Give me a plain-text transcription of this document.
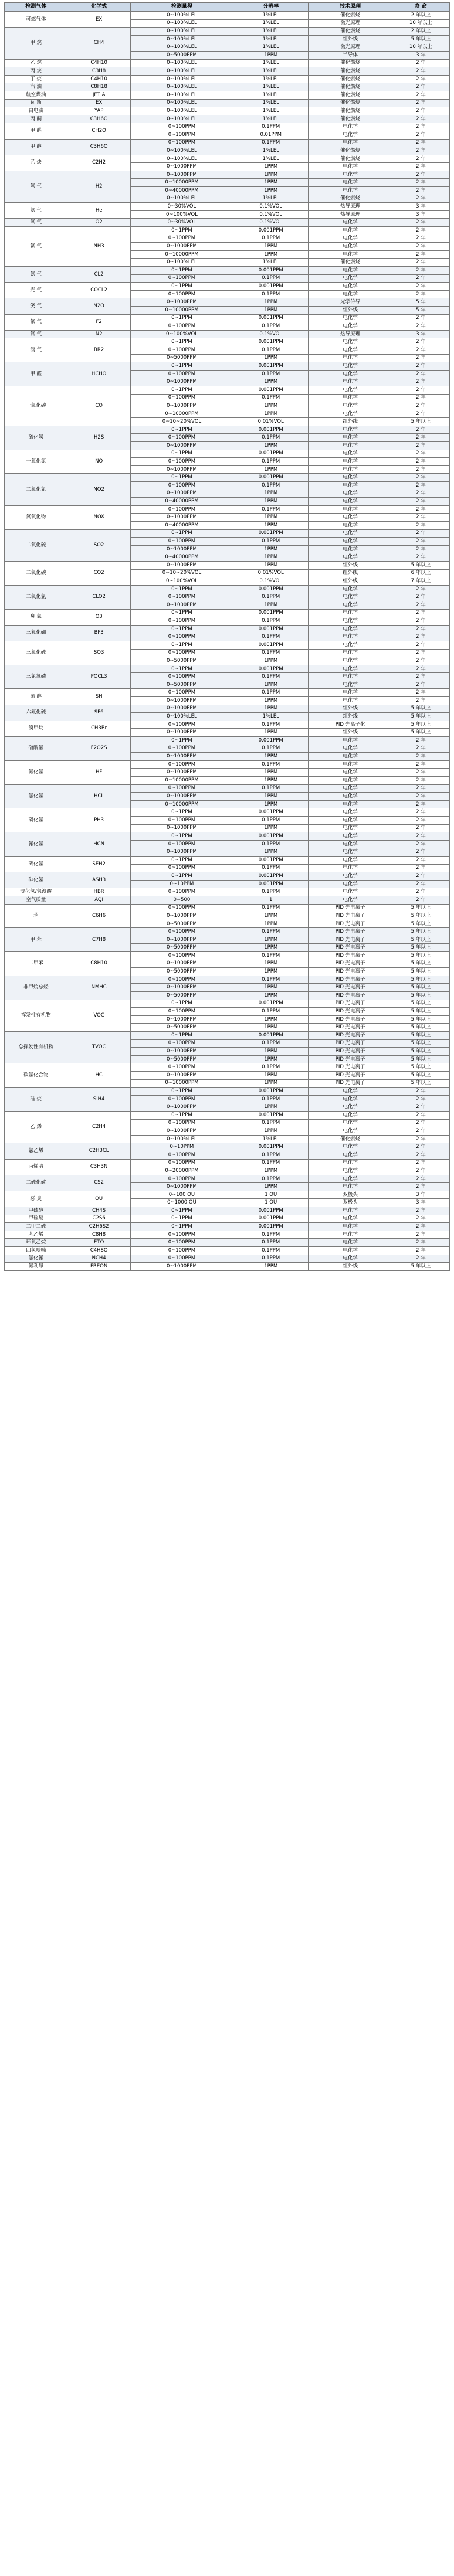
检测气体	化学式	检测量程	分辨率	技术原理	寿 命
可燃气体	EX	0~100%LEL	1%LEL	催化燃烧	2 年以上
		0~100%LEL	1%LEL	激光原理	10 年以上
甲 烷	CH4	0~100%LEL	1%LEL	催化燃烧	2 年以上
		0~100%LEL	1%LEL	红外线	5 年以上
		0~100%LEL	1%LEL	激光原理	10 年以上
		0~5000PPM	1PPM	半导体	3 年
乙 烷	C4H10	0~100%LEL	1%LEL	催化燃烧	2 年
丙 烷	C3H8	0~100%LEL	1%LEL	催化燃烧	2 年
丁 烷	C4H10	0~100%LEL	1%LEL	催化燃烧	2 年
汽 油	C8H18	0~100%LEL	1%LEL	催化燃烧	2 年
航空煤油	JET A	0~100%LEL	1%LEL	催化燃烧	2 年
瓦 斯	EX	0~100%LEL	1%LEL	催化燃烧	2 年
白电油	YAP	0~100%LEL	1%LEL	催化燃烧	2 年
丙 酮	C3H6O	0~100%LEL	1%LEL	催化燃烧	2 年
甲 醛	CH2O	0~100PPM	0.1PPM	电化学	2 年
		0~100PPM	0.01PPM	电化学	2 年
甲 醇	C3H6O	0~100PPM	0.1PPM	电化学	2 年
		0~100%LEL	1%LEL	催化燃烧	2 年
乙 炔	C2H2	0~100%LEL	1%LEL	催化燃烧	2 年
		0~1000PPM	1PPM	电化学	2 年
氢 气	H2	0~1000PPM	1PPM	电化学	2 年
		0~10000PPM	1PPM	电化学	2 年
		0~40000PPM	1PPM	电化学	2 年
		0~100%LEL	1%LEL	催化燃烧	2 年
氦 气	He	0~30%VOL	0.1%VOL	热导原理	3 年
		0~100%VOL	0.1%VOL	热导原理	3 年
氧 气	O2	0~30%VOL	0.1%VOL	电化学	2 年
氨 气	NH3	0~1PPM	0.001PPM	电化学	2 年
		0~100PPM	0.1PPM	电化学	2 年
		0~1000PPM	1PPM	电化学	2 年
		0~10000PPM	1PPM	电化学	2 年
		0~100%LEL	1%LEL	催化燃烧	2 年
氯 气	CL2	0~1PPM	0.001PPM	电化学	2 年
		0~100PPM	0.1PPM	电化学	2 年
光 气	COCL2	0~1PPM	0.001PPM	电化学	2 年
		0~100PPM	0.1PPM	电化学	2 年
笑 气	N2O	0~1000PPM	1PPM	光学传导	5 年
		0~10000PPM	1PPM	红外线	5 年
氟 气	F2	0~1PPM	0.001PPM	电化学	2 年
		0~100PPM	0.1PPM	电化学	2 年
氮 气	N2	0~100%VOL	0.1%VOL	热导原理	3 年
溴 气	BR2	0~1PPM	0.001PPM	电化学	2 年
		0~100PPM	0.1PPM	电化学	2 年
		0~5000PPM	1PPM	电化学	2 年
甲 醛	HCHO	0~1PPM	0.001PPM	电化学	2 年
		0~100PPM	0.1PPM	电化学	2 年
		0~1000PPM	1PPM	电化学	2 年
一氧化碳	CO	0~1PPM	0.001PPM	电化学	2 年
		0~100PPM	0.1PPM	电化学	2 年
		0~1000PPM	1PPM	电化学	2 年
		0~10000PPM	1PPM	电化学	2 年
		0~10~20%VOL	0.01%VOL	红外线	5 年以上
硫化氢	H2S	0~1PPM	0.001PPM	电化学	2 年
		0~100PPM	0.1PPM	电化学	2 年
		0~1000PPM	1PPM	电化学	2 年
一氧化氮	NO	0~1PPM	0.001PPM	电化学	2 年
		0~100PPM	0.1PPM	电化学	2 年
		0~1000PPM	1PPM	电化学	2 年
二氧化氮	NO2	0~1PPM	0.001PPM	电化学	2 年
		0~100PPM	0.1PPM	电化学	2 年
		0~1000PPM	1PPM	电化学	2 年
		0~40000PPM	1PPM	电化学	2 年
氮氧化物	NOX	0~100PPM	0.1PPM	电化学	2 年
		0~1000PPM	1PPM	电化学	2 年
		0~40000PPM	1PPM	电化学	2 年
二氧化硫	SO2	0~1PPM	0.001PPM	电化学	2 年
		0~100PPM	0.1PPM	电化学	2 年
		0~1000PPM	1PPM	电化学	2 年
		0~40000PPM	1PPM	电化学	2 年
二氧化碳	CO2	0~1000PPM	1PPM	红外线	5 年以上
		0~10~20%VOL	0.01%VOL	红外线	6 年以上
		0~100%VOL	0.1%VOL	红外线	7 年以上
二氧化氯	CLO2	0~1PPM	0.001PPM	电化学	2 年
		0~100PPM	0.1PPM	电化学	2 年
		0~1000PPM	1PPM	电化学	2 年
臭 氧	O3	0~1PPM	0.001PPM	电化学	2 年
		0~100PPM	0.1PPM	电化学	2 年
三氟化硼	BF3	0~1PPM	0.001PPM	电化学	2 年
		0~100PPM	0.1PPM	电化学	2 年
三氧化硫	SO3	0~1PPM	0.001PPM	电化学	2 年
		0~100PPM	0.1PPM	电化学	2 年
		0~5000PPM	1PPM	电化学	2 年
三氯氧磷	POCL3	0~1PPM	0.001PPM	电化学	2 年
		0~100PPM	0.1PPM	电化学	2 年
		0~5000PPM	1PPM	电化学	2 年
硫 醇	SH	0~100PPM	0.1PPM	电化学	2 年
		0~1000PPM	1PPM	电化学	2 年
六氟化硫	SF6	0~1000PPM	1PPM	红外线	5 年以上
		0~100%LEL	1%LEL	红外线	5 年以上
溴甲烷	CH3Br	0~100PPM	0.1PPM	PID 光离子化	5 年以上
		0~1000PPM	1PPM	红外线	5 年以上
硫酰氟	F2O2S	0~1PPM	0.001PPM	电化学	2 年
		0~100PPM	0.1PPM	电化学	2 年
		0~1000PPM	1PPM	电化学	2 年
氟化氢	HF	0~100PPM	0.1PPM	电化学	2 年
		0~1000PPM	1PPM	电化学	2 年
		0~10000PPM	1PPM	电化学	2 年
氯化氢	HCL	0~100PPM	0.1PPM	电化学	2 年
		0~1000PPM	1PPM	电化学	2 年
		0~10000PPM	1PPM	电化学	2 年
磷化氢	PH3	0~1PPM	0.001PPM	电化学	2 年
		0~100PPM	0.1PPM	电化学	2 年
		0~1000PPM	1PPM	电化学	2 年
氰化氢	HCN	0~1PPM	0.001PPM	电化学	2 年
		0~100PPM	0.1PPM	电化学	2 年
		0~1000PPM	1PPM	电化学	2 年
硒化氢	SEH2	0~1PPM	0.001PPM	电化学	2 年
		0~100PPM	0.1PPM	电化学	2 年
砷化氢	ASH3	0~1PPM	0.001PPM	电化学	2 年
		0~10PPM	0.001PPM	电化学	2 年
溴化氢/氢溴酸	HBR	0~100PPM	0.1PPM	电化学	2 年
空气质量	AQI	0~500	1	电化学	2 年
苯	C6H6	0~100PPM	0.1PPM	PID 光电离子	5 年以上
		0~1000PPM	1PPM	PID 光电离子	5 年以上
		0~5000PPM	1PPM	PID 光电离子	5 年以上
甲 苯	C7H8	0~100PPM	0.1PPM	PID 光电离子	5 年以上
		0~1000PPM	1PPM	PID 光电离子	5 年以上
		0~5000PPM	1PPM	PID 光电离子	5 年以上
二甲苯	C8H10	0~100PPM	0.1PPM	PID 光电离子	5 年以上
		0~1000PPM	1PPM	PID 光电离子	5 年以上
		0~5000PPM	1PPM	PID 光电离子	5 年以上
非甲烷总烃	NMHC	0~100PPM	0.1PPM	PID 光电离子	5 年以上
		0~1000PPM	1PPM	PID 光电离子	5 年以上
		0~5000PPM	1PPM	PID 光电离子	5 年以上
挥发性有机物	VOC	0~1PPM	0.001PPM	PID 光电离子	5 年以上
		0~100PPM	0.1PPM	PID 光电离子	5 年以上
		0~1000PPM	1PPM	PID 光电离子	5 年以上
		0~5000PPM	1PPM	PID 光电离子	5 年以上
总挥发性有机物	TVOC	0~1PPM	0.001PPM	PID 光电离子	5 年以上
		0~100PPM	0.1PPM	PID 光电离子	5 年以上
		0~1000PPM	1PPM	PID 光电离子	5 年以上
		0~5000PPM	1PPM	PID 光电离子	5 年以上
碳氢化合物	HC	0~100PPM	0.1PPM	PID 光电离子	5 年以上
		0~1000PPM	1PPM	PID 光电离子	5 年以上
		0~10000PPM	1PPM	PID 光电离子	5 年以上
硅 烷	SIH4	0~1PPM	0.001PPM	电化学	2 年
		0~100PPM	0.1PPM	电化学	2 年
		0~1000PPM	1PPM	电化学	2 年
乙 烯	C2H4	0~1PPM	0.001PPM	电化学	2 年
		0~100PPM	0.1PPM	电化学	2 年
		0~1000PPM	1PPM	电化学	2 年
		0~100%LEL	1%LEL	催化燃烧	2 年
氯乙烯	C2H3CL	0~10PPM	0.001PPM	电化学	2 年
		0~100PPM	0.1PPM	电化学	2 年
丙烯腈	C3H3N	0~100PPM	0.1PPM	电化学	2 年
		0~20000PPM	1PPM	电化学	2 年
二硫化碳	CS2	0~100PPM	0.1PPM	电化学	2 年
		0~1000PPM	1PPM	电化学	2 年
恶 臭	OU	0~100 OU	1 OU	双极头	3 年
		0~1000 OU	1 OU	双极头	3 年
甲硫醇	CH4S	0~1PPM	0.001PPM	电化学	2 年
甲硫醚	C2S6	0~1PPM	0.001PPM	电化学	2 年
二甲二硫	C2H6S2	0~1PPM	0.001PPM	电化学	2 年
苯乙烯	C8H8	0~100PPM	0.1PPM	电化学	2 年
环氧乙烷	ETO	0~100PPM	0.1PPM	电化学	2 年
四氢呋喃	C4H8O	0~100PPM	0.1PPM	电化学	2 年
氯化氰	NCH4	0~100PPM	0.1PPM	电化学	2 年
氟利昂	FREON	0~1000PPM	1PPM	红外线	5 年以上
